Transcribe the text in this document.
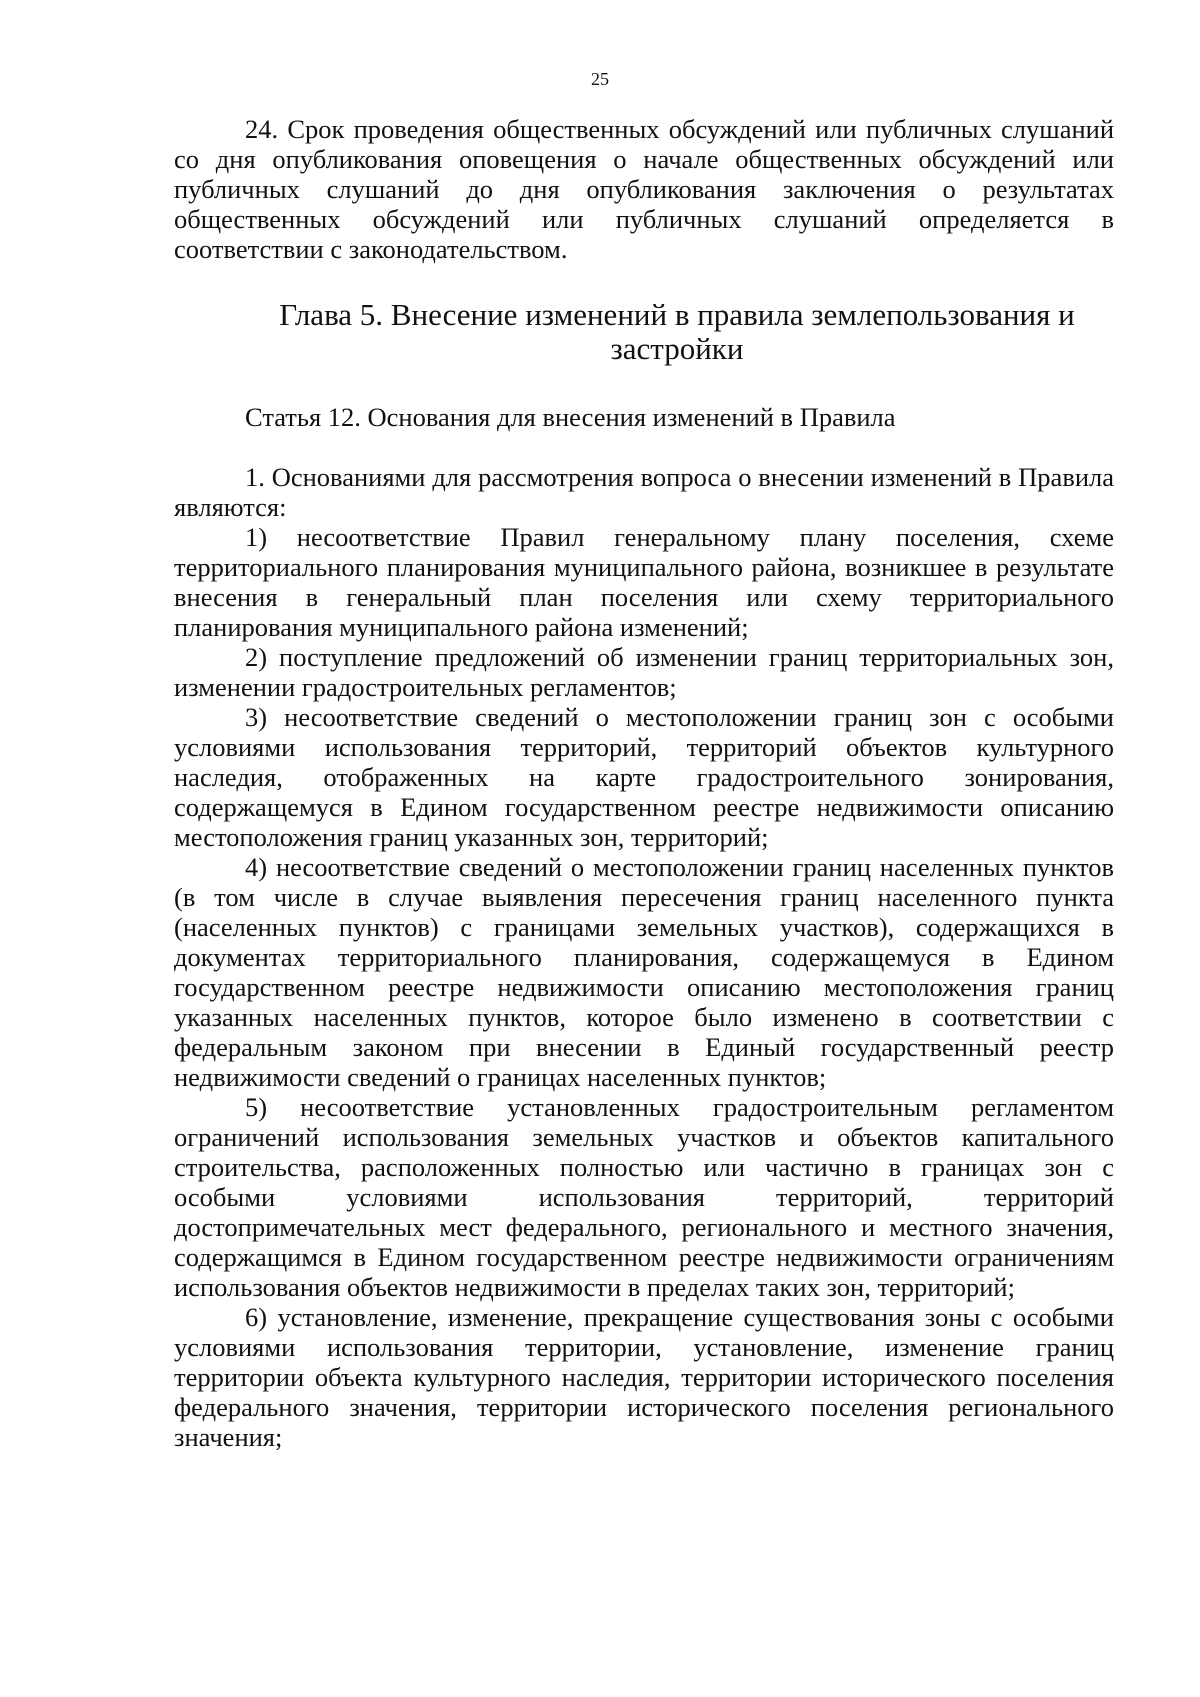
25

24. Срок проведения общественных обсуждений или публичных слушаний со дня опубликования оповещения о начале общественных обсуждений или публичных слушаний до дня опубликования заключения о результатах общественных обсуждений или публичных слушаний определяется в соответствии с законодательством.

Глава 5. Внесение изменений в правила землепользования и застройки
Статья 12. Основания для внесения изменений в Правила

1. Основаниями для рассмотрения вопроса о внесении изменений в Правила являются:

1) несоответствие Правил генеральному плану поселения, схеме территориального планирования муниципального района, возникшее в результате внесения в генеральный план поселения или схему территориального планирования муниципального района изменений;

2) поступление предложений об изменении границ территориальных зон, изменении градостроительных регламентов;

3) несоответствие сведений о местоположении границ зон с особыми условиями использования территорий, территорий объектов культурного наследия, отображенных на карте градостроительного зонирования, содержащемуся в Едином государственном реестре недвижимости описанию местоположения границ указанных зон, территорий;

4) несоответствие сведений о местоположении границ населенных пунктов (в том числе в случае выявления пересечения границ населенного пункта (населенных пунктов) с границами земельных участков), содержащихся в документах территориального планирования, содержащемуся в Едином государственном реестре недвижимости описанию местоположения границ указанных населенных пунктов, которое было изменено в соответствии с федеральным законом при внесении в Единый государственный реестр недвижимости сведений о границах населенных пунктов;

5) несоответствие установленных градостроительным регламентом ограничений использования земельных участков и объектов капитального строительства, расположенных полностью или частично в границах зон с особыми условиями использования территорий, территорий достопримечательных мест федерального, регионального и местного значения, содержащимся в Едином государственном реестре недвижимости ограничениям использования объектов недвижимости в пределах таких зон, территорий;

6) установление, изменение, прекращение существования зоны с особыми условиями использования территории, установление, изменение границ территории объекта культурного наследия, территории исторического поселения федерального значения, территории исторического поселения регионального значения;
